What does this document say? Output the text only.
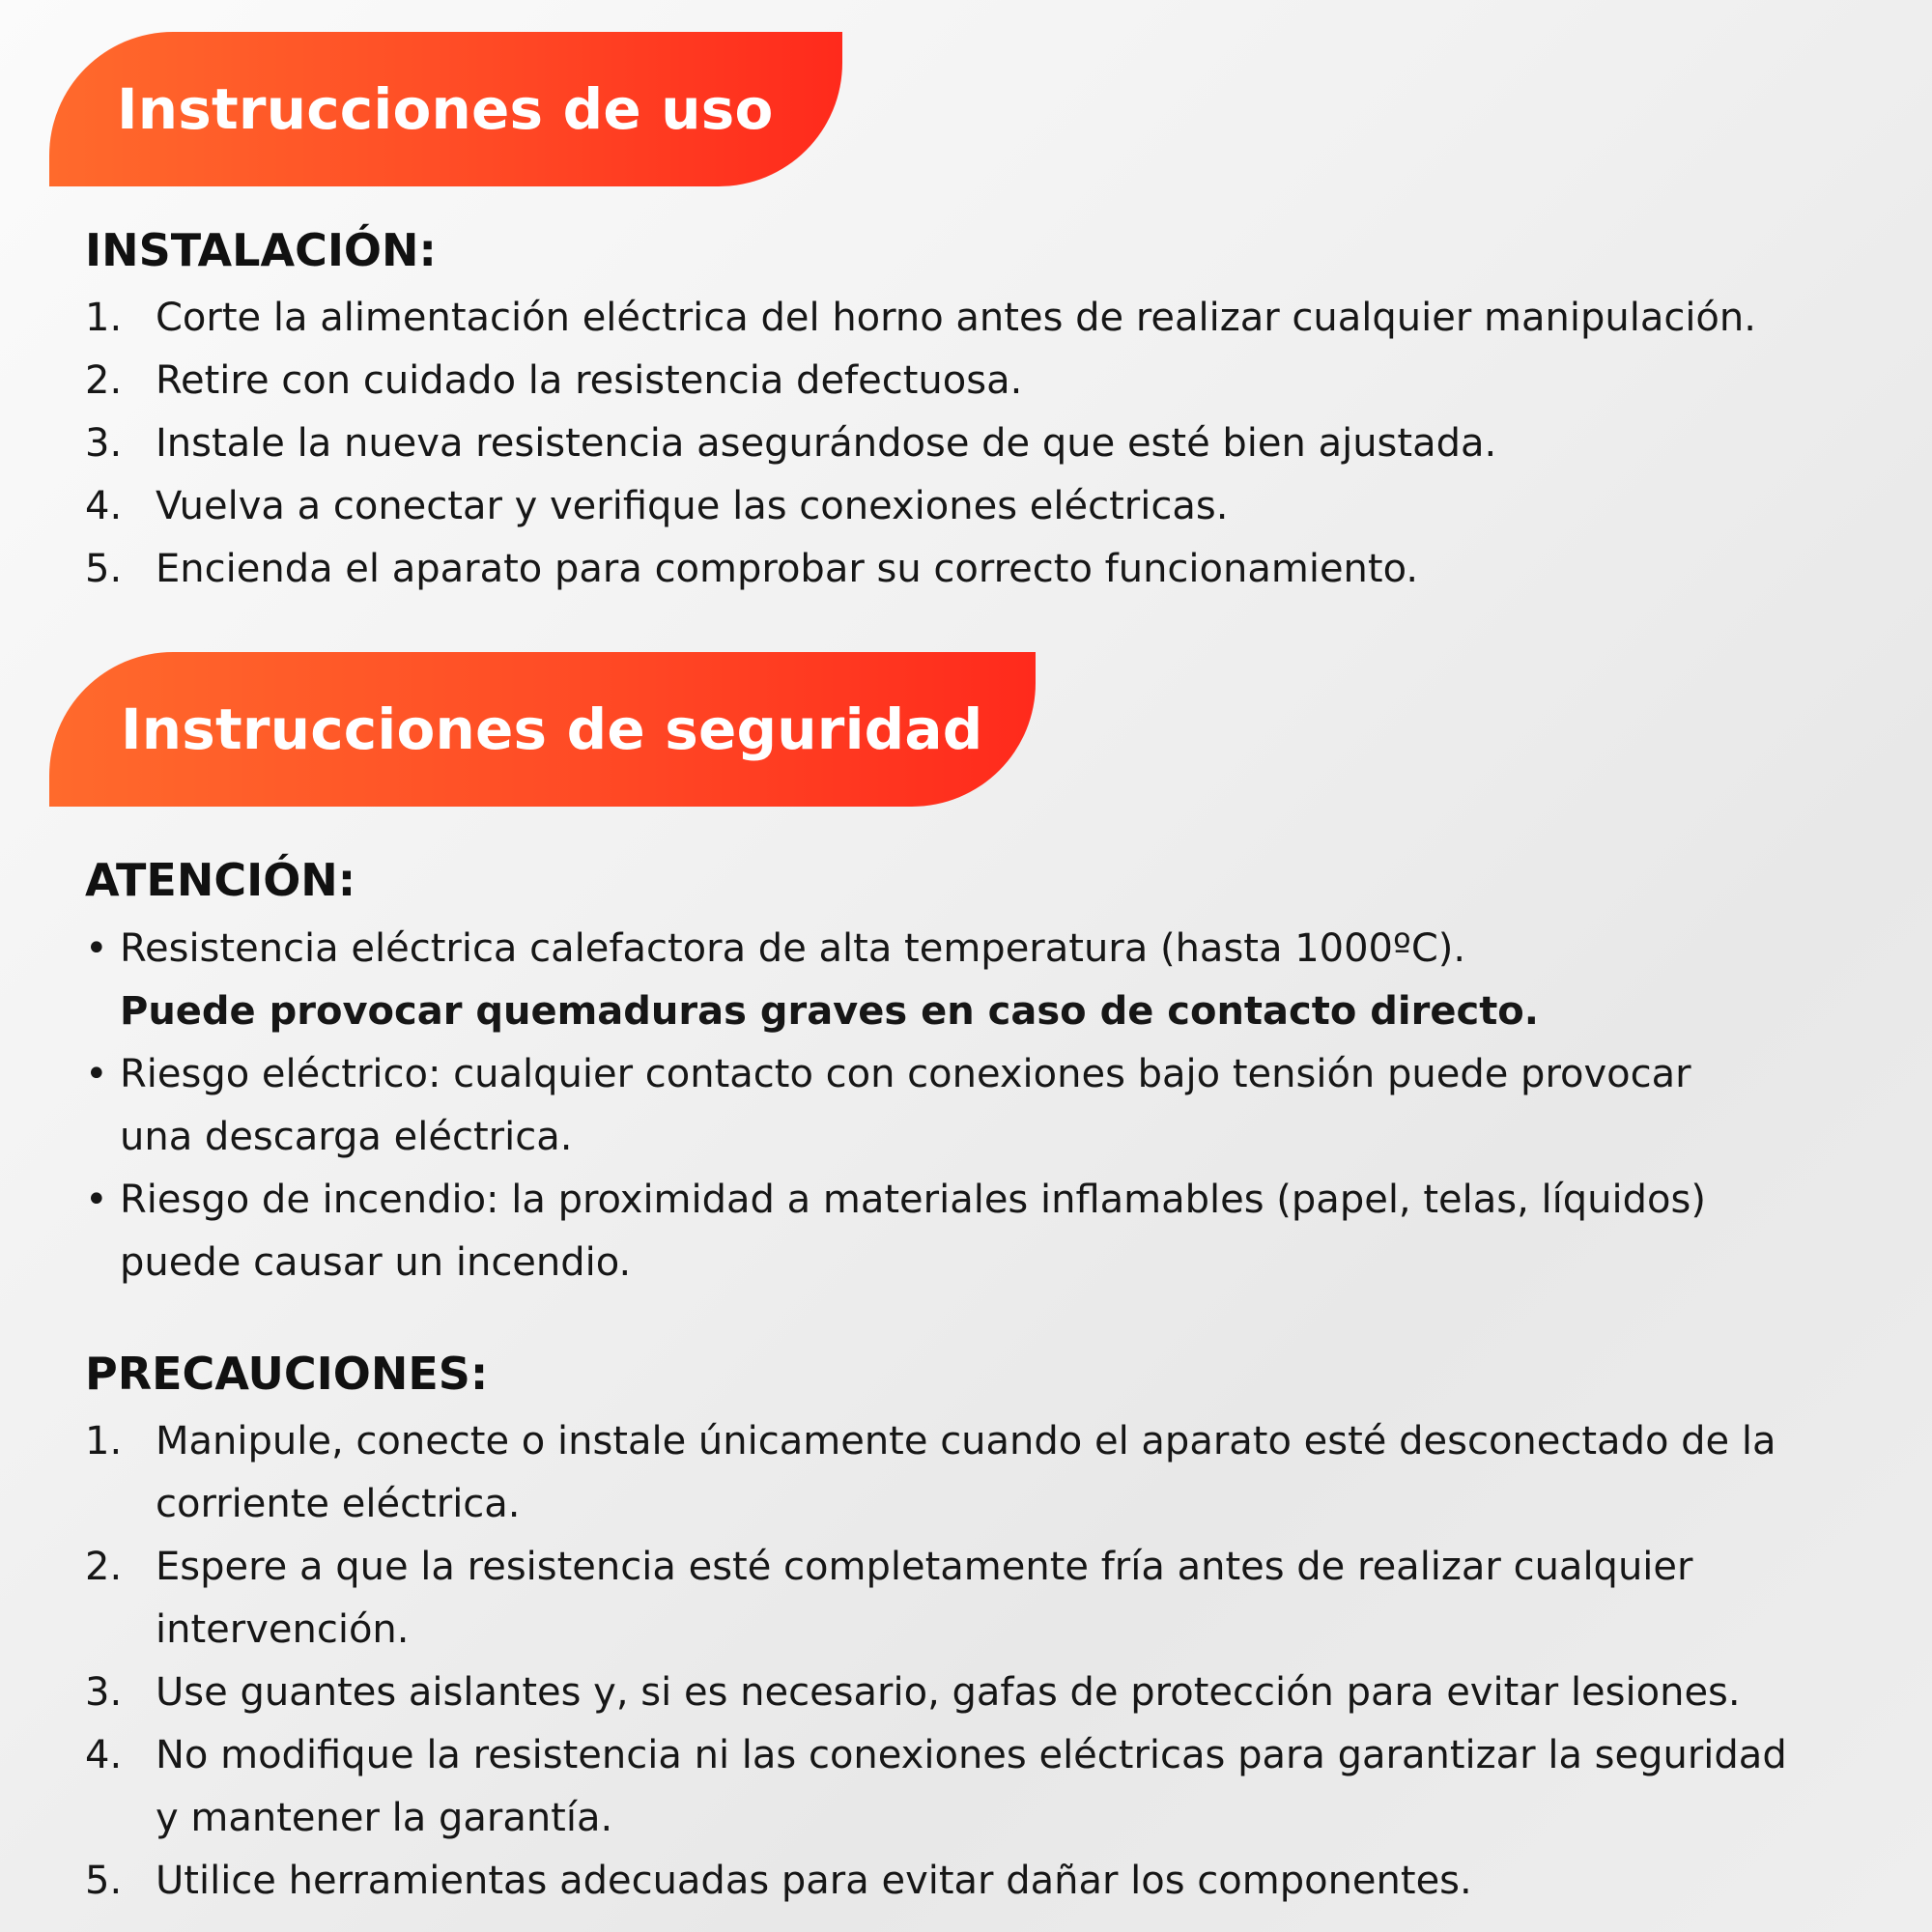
Instrucciones de uso
INSTALACIÓN:
1. Corte la alimentación eléctrica del horno antes de realizar cualquier manipulación.
2. Retire con cuidado la resistencia defectuosa.
3. Instale la nueva resistencia asegurándose de que esté bien ajustada.
4. Vuelva a conectar y verifique las conexiones eléctricas.
5. Encienda el aparato para comprobar su correcto funcionamiento.
Instrucciones de seguridad
ATENCIÓN:
• Resistencia eléctrica calefactora de alta temperatura (hasta 1000ºC).
Puede provocar quemaduras graves en caso de contacto directo.
• Riesgo eléctrico: cualquier contacto con conexiones bajo tensión puede provocar
una descarga eléctrica.
• Riesgo de incendio: la proximidad a materiales inflamables (papel, telas, líquidos)
puede causar un incendio.
PRECAUCIONES:
1. Manipule, conecte o instale únicamente cuando el aparato esté desconectado de la
corriente eléctrica.
2. Espere a que la resistencia esté completamente fría antes de realizar cualquier
intervención.
3. Use guantes aislantes y, si es necesario, gafas de protección para evitar lesiones.
4. No modifique la resistencia ni las conexiones eléctricas para garantizar la seguridad
y mantener la garantía.
5. Utilice herramientas adecuadas para evitar dañar los componentes.
